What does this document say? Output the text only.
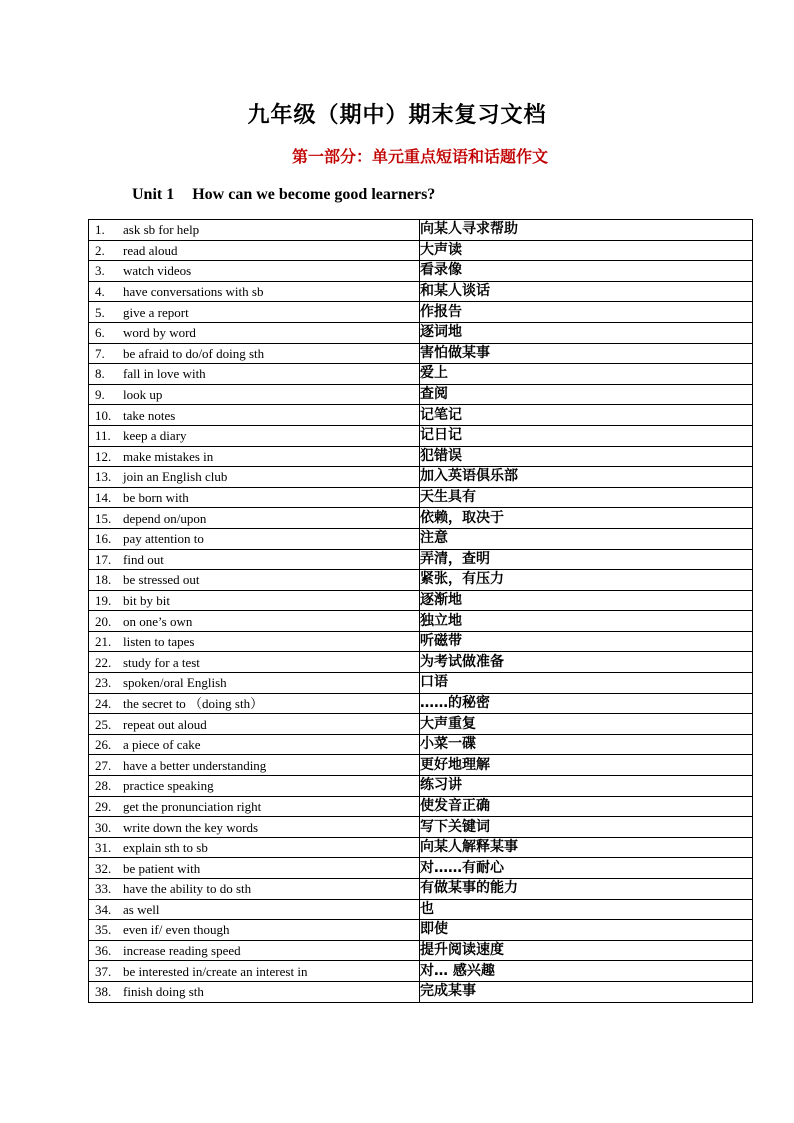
九年级（期中）期末复习文档
第一部分：单元重点短语和话题作文
Unit 1 How can we become good learners?
1. ask sb for help	向某人寻求帮助
2. read aloud	大声读
3. watch videos	看录像
4. have conversations with sb	和某人谈话
5. give a report	作报告
6. word by word	逐词地
7. be afraid to do/of doing sth	害怕做某事
8. fall in love with	爱上
9. look up	查阅
10. take notes	记笔记
11. keep a diary	记日记
12. make mistakes in	犯错误
13. join an English club	加入英语俱乐部
14. be born with	天生具有
15. depend on/upon	依赖，取决于
16. pay attention to	注意
17. find out	弄清，查明
18. be stressed out	紧张，有压力
19. bit by bit	逐渐地
20. on one’s own	独立地
21. listen to tapes	听磁带
22. study for a test	为考试做准备
23. spoken/oral English	口语
24. the secret to （doing sth）	……的秘密
25. repeat out aloud	大声重复
26. a piece of cake	小菜一碟
27. have a better understanding	更好地理解
28. practice speaking	练习讲
29. get the pronunciation right	使发音正确
30. write down the key words	写下关键词
31. explain sth to sb	向某人解释某事
32. be patient with	对……有耐心
33. have the ability to do sth	有做某事的能力
34. as well	也
35. even if/ even though	即使
36. increase reading speed	提升阅读速度
37. be interested in/create an interest in	对… 感兴趣
38. finish doing sth	完成某事
